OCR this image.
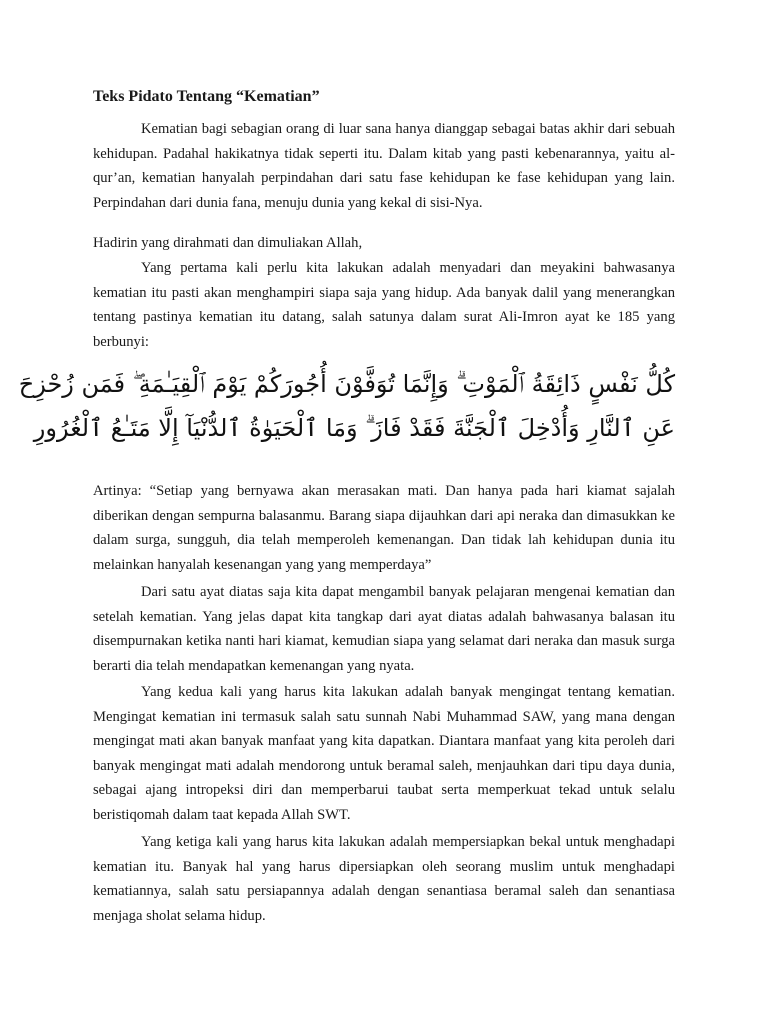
Teks Pidato Tentang “Kematian”

Kematian bagi sebagian orang di luar sana hanya dianggap sebagai batas akhir dari sebuah kehidupan. Padahal hakikatnya tidak seperti itu. Dalam kitab yang pasti kebenarannya, yaitu al-qur’an, kematian hanyalah perpindahan dari satu fase kehidupan ke fase kehidupan yang lain. Perpindahan dari dunia fana, menuju dunia yang kekal di sisi-Nya.

Hadirin yang dirahmati dan dimuliakan Allah,

Yang pertama kali perlu kita lakukan adalah menyadari dan meyakini bahwasanya kematian itu pasti akan menghampiri siapa saja yang hidup. Ada banyak dalil yang menerangkan tentang pastinya kematian itu datang, salah satunya dalam surat Ali-Imron ayat ke 185 yang berbunyi:

كُلُّ نَفْسٍ ذَائِقَةُ ٱلْمَوْتِ ۗ وَإِنَّمَا تُوَفَّوْنَ أُجُورَكُمْ يَوْمَ ٱلْقِيَـٰمَةِ ۖ فَمَن زُحْزِحَ
عَنِ ٱلنَّارِ وَأُدْخِلَ ٱلْجَنَّةَ فَقَدْ فَازَ ۗ وَمَا ٱلْحَيَوٰةُ ٱلدُّنْيَآ إِلَّا مَتَـٰعُ ٱلْغُرُورِ

Artinya: “Setiap yang bernyawa akan merasakan mati. Dan hanya pada hari kiamat sajalah diberikan dengan sempurna balasanmu. Barang siapa dijauhkan dari api neraka dan dimasukkan ke dalam surga, sungguh, dia telah memperoleh kemenangan. Dan tidak lah kehidupan dunia itu melainkan hanyalah kesenangan yang yang memperdaya”

Dari satu ayat diatas saja kita dapat mengambil banyak pelajaran mengenai kematian dan setelah kematian. Yang jelas dapat kita tangkap dari ayat diatas adalah bahwasanya balasan itu disempurnakan ketika nanti hari kiamat, kemudian siapa yang selamat dari neraka dan masuk surga berarti dia telah mendapatkan kemenangan yang nyata.

Yang kedua kali yang harus kita lakukan adalah banyak mengingat tentang kematian. Mengingat kematian ini termasuk salah satu sunnah Nabi Muhammad SAW, yang mana dengan mengingat mati akan banyak manfaat yang kita dapatkan. Diantara manfaat yang kita peroleh dari banyak mengingat mati adalah mendorong untuk beramal saleh, menjauhkan dari tipu daya dunia, sebagai ajang intropeksi diri dan memperbarui taubat serta memperkuat tekad untuk selalu beristiqomah dalam taat kepada Allah SWT.

Yang ketiga kali yang harus kita lakukan adalah mempersiapkan bekal untuk menghadapi kematian itu. Banyak hal yang harus dipersiapkan oleh seorang muslim untuk menghadapi kematiannya, salah satu persiapannya adalah dengan senantiasa beramal saleh dan senantiasa menjaga sholat selama hidup.
